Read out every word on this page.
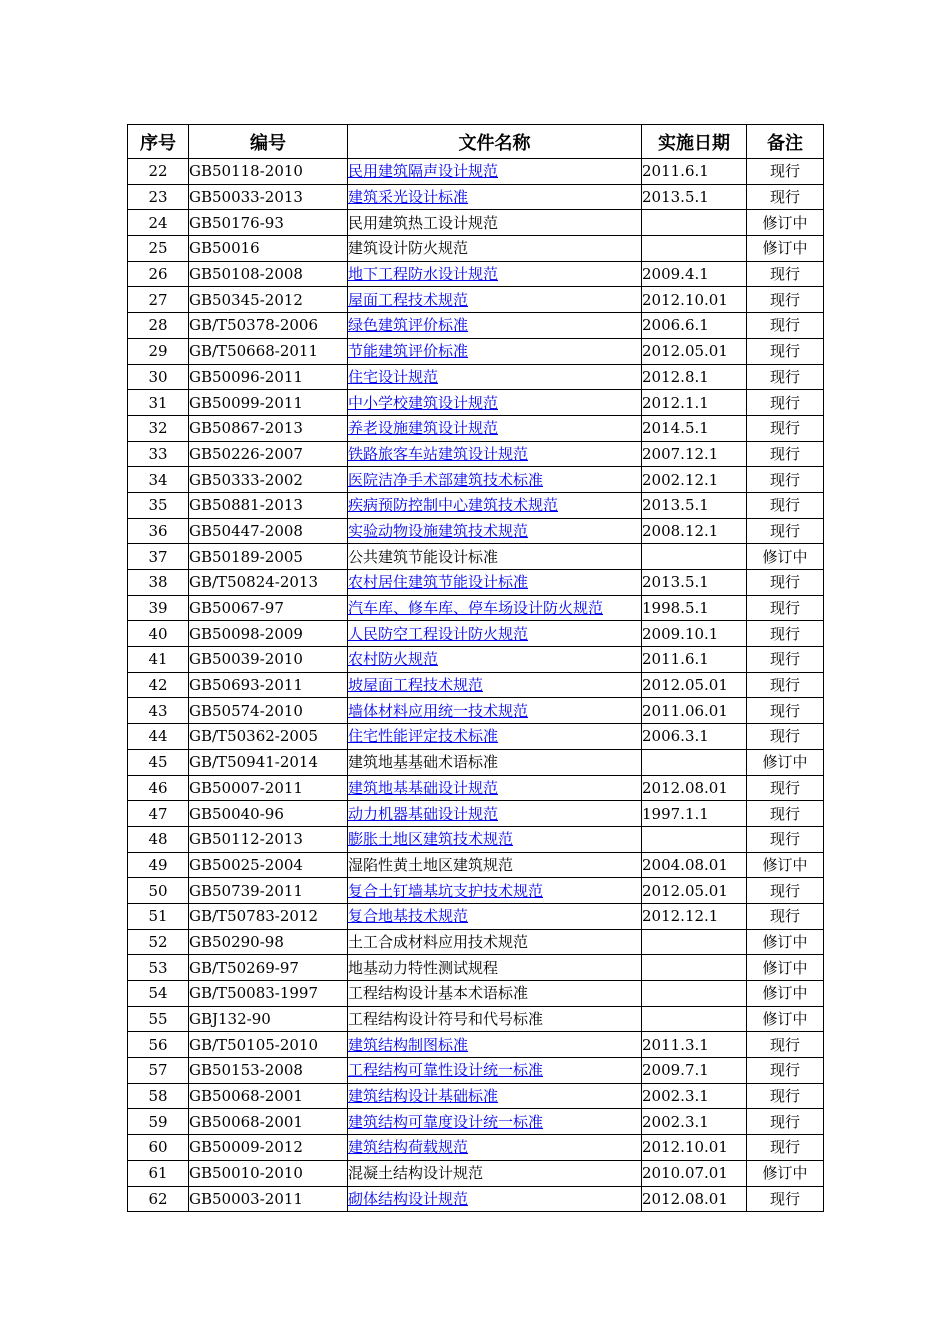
序号	编号	文件名称	实施日期	备注
22	GB50118-2010	民用建筑隔声设计规范	2011.6.1	现行
23	GB50033-2013	建筑采光设计标准	2013.5.1	现行
24	GB50176-93	民用建筑热工设计规范		修订中
25	GB50016	建筑设计防火规范		修订中
26	GB50108-2008	地下工程防水设计规范	2009.4.1	现行
27	GB50345-2012	屋面工程技术规范	2012.10.01	现行
28	GB/T50378-2006	绿色建筑评价标准	2006.6.1	现行
29	GB/T50668-2011	节能建筑评价标准	2012.05.01	现行
30	GB50096-2011	住宅设计规范	2012.8.1	现行
31	GB50099-2011	中小学校建筑设计规范	2012.1.1	现行
32	GB50867-2013	养老设施建筑设计规范	2014.5.1	现行
33	GB50226-2007	铁路旅客车站建筑设计规范	2007.12.1	现行
34	GB50333-2002	医院洁净手术部建筑技术标准	2002.12.1	现行
35	GB50881-2013	疾病预防控制中心建筑技术规范	2013.5.1	现行
36	GB50447-2008	实验动物设施建筑技术规范	2008.12.1	现行
37	GB50189-2005	公共建筑节能设计标准		修订中
38	GB/T50824-2013	农村居住建筑节能设计标准	2013.5.1	现行
39	GB50067-97	汽车库、修车库、停车场设计防火规范	1998.5.1	现行
40	GB50098-2009	人民防空工程设计防火规范	2009.10.1	现行
41	GB50039-2010	农村防火规范	2011.6.1	现行
42	GB50693-2011	坡屋面工程技术规范	2012.05.01	现行
43	GB50574-2010	墙体材料应用统一技术规范	2011.06.01	现行
44	GB/T50362-2005	住宅性能评定技术标准	2006.3.1	现行
45	GB/T50941-2014	建筑地基基础术语标准		修订中
46	GB50007-2011	建筑地基基础设计规范	2012.08.01	现行
47	GB50040-96	动力机器基础设计规范	1997.1.1	现行
48	GB50112-2013	膨胀土地区建筑技术规范		现行
49	GB50025-2004	湿陷性黄土地区建筑规范	2004.08.01	修订中
50	GB50739-2011	复合土钉墙基坑支护技术规范	2012.05.01	现行
51	GB/T50783-2012	复合地基技术规范	2012.12.1	现行
52	GB50290-98	土工合成材料应用技术规范		修订中
53	GB/T50269-97	地基动力特性测试规程		修订中
54	GB/T50083-1997	工程结构设计基本术语标准		修订中
55	GBJ132-90	工程结构设计符号和代号标准		修订中
56	GB/T50105-2010	建筑结构制图标准	2011.3.1	现行
57	GB50153-2008	工程结构可靠性设计统一标准	2009.7.1	现行
58	GB50068-2001	建筑结构设计基础标准	2002.3.1	现行
59	GB50068-2001	建筑结构可靠度设计统一标准	2002.3.1	现行
60	GB50009-2012	建筑结构荷载规范	2012.10.01	现行
61	GB50010-2010	混凝土结构设计规范	2010.07.01	修订中
62	GB50003-2011	砌体结构设计规范	2012.08.01	现行
